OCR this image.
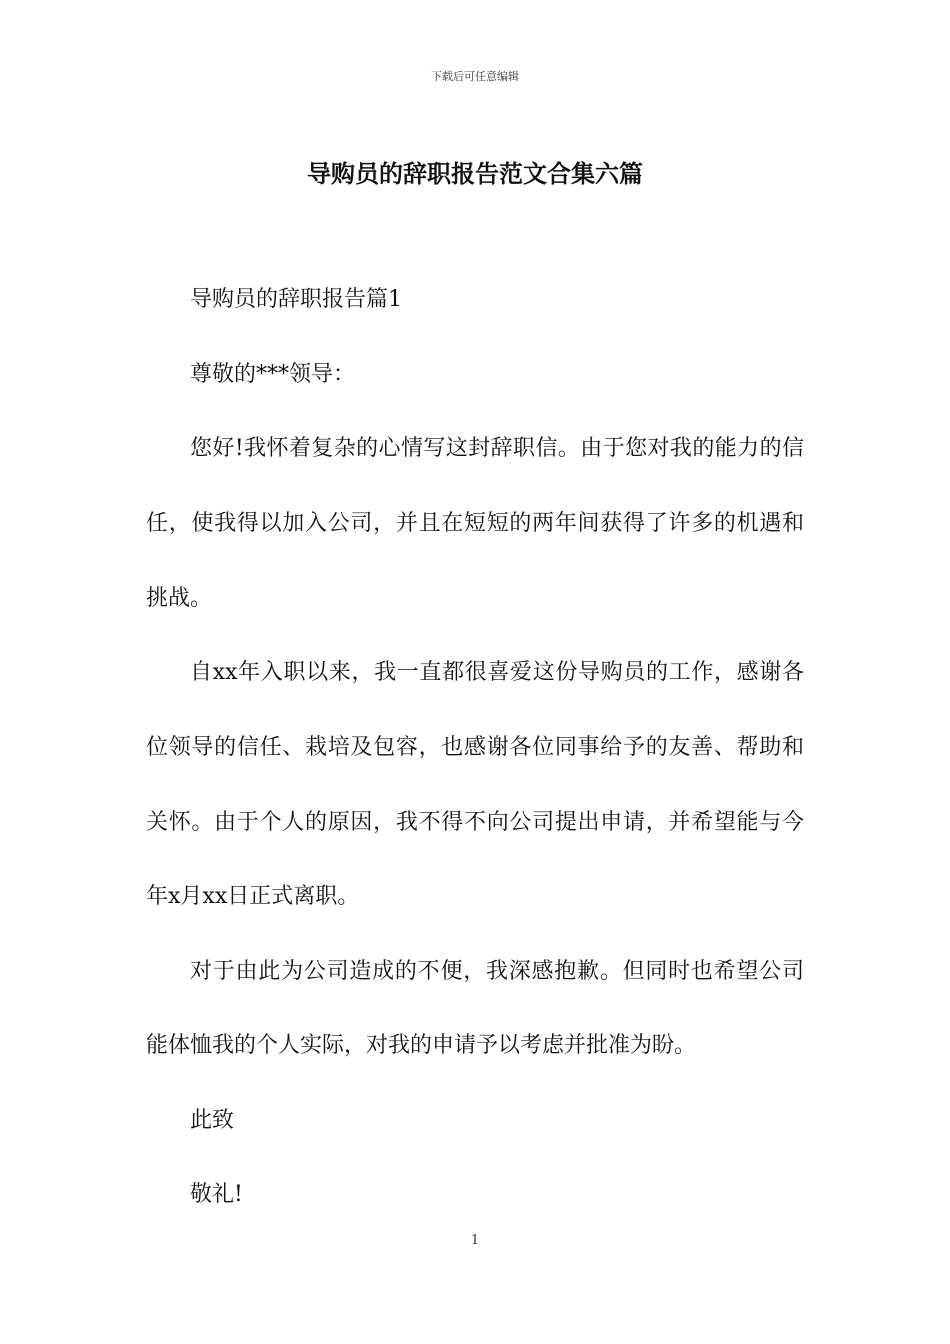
下载后可任意编辑
导购员的辞职报告范文合集六篇

导购员的辞职报告篇1

尊敬的***领导：

您好!我怀着复杂的心情写这封辞职信。由于您对我的能力的信

任，使我得以加入公司，并且在短短的两年间获得了许多的机遇和

挑战。

自xx年入职以来，我一直都很喜爱这份导购员的工作，感谢各

位领导的信任、栽培及包容，也感谢各位同事给予的友善、帮助和

关怀。由于个人的原因，我不得不向公司提出申请，并希望能与今

年x月xx日正式离职。

对于由此为公司造成的不便，我深感抱歉。但同时也希望公司

能体恤我的个人实际，对我的申请予以考虑并批准为盼。

此致

敬礼!

1
